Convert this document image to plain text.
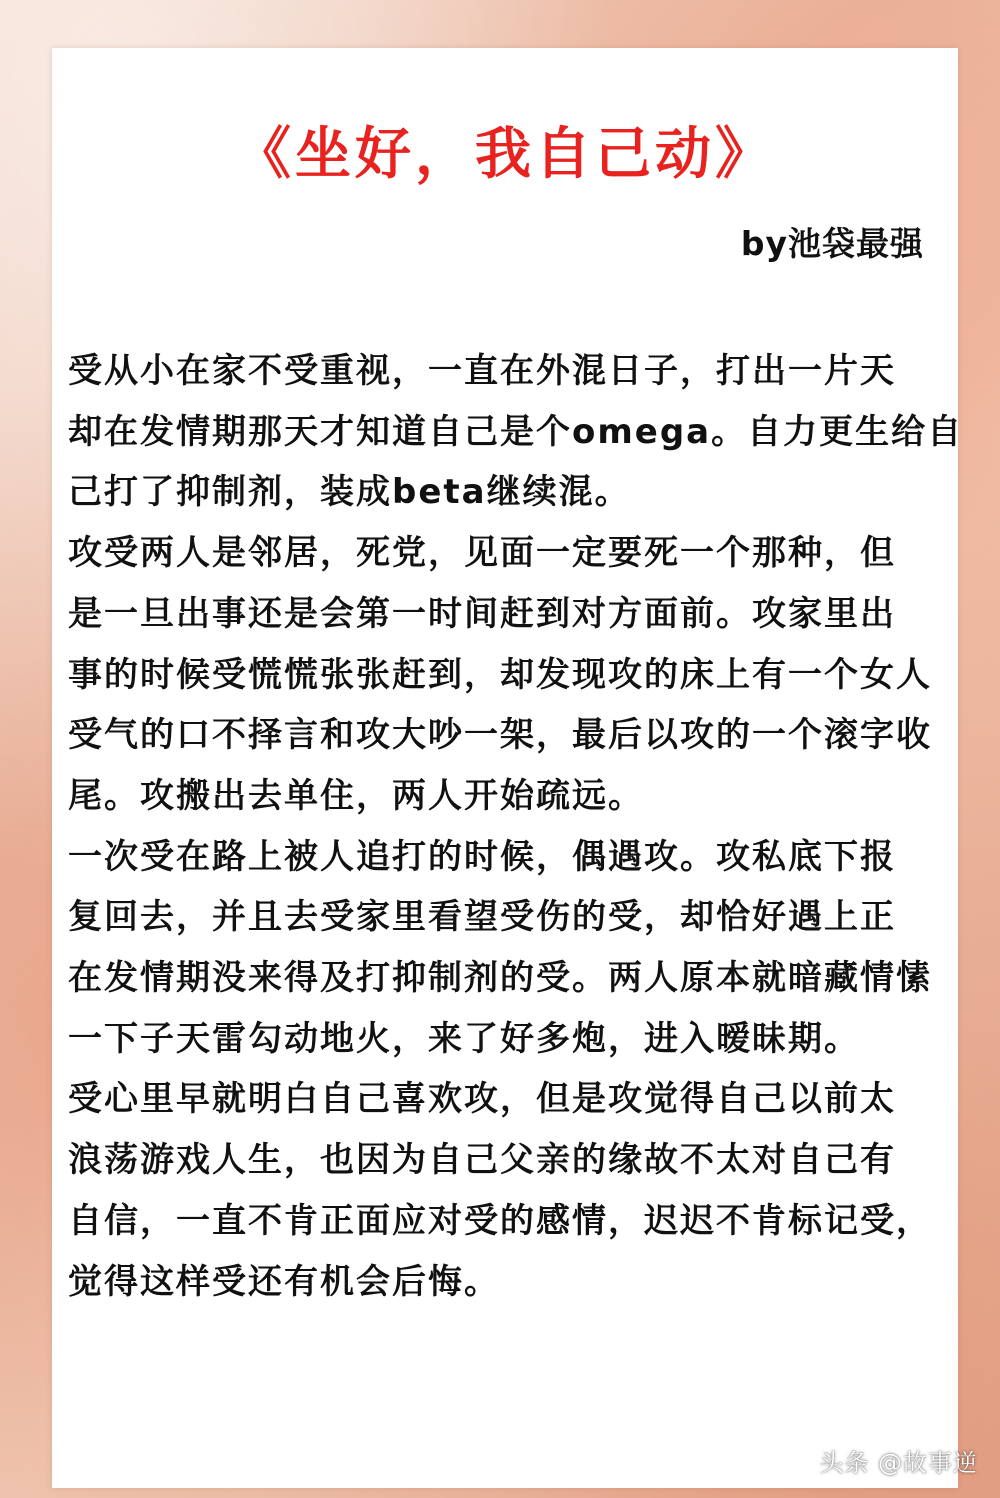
《坐好，我自己动》
by池袋最强
受从小在家不受重视，一直在外混日子，打出一片天
却在发情期那天才知道自己是个omega。自力更生给自
己打了抑制剂，装成beta继续混。
攻受两人是邻居，死党，见面一定要死一个那种，但
是一旦出事还是会第一时间赶到对方面前。攻家里出
事的时候受慌慌张张赶到，却发现攻的床上有一个女人
受气的口不择言和攻大吵一架，最后以攻的一个滚字收
尾。攻搬出去单住，两人开始疏远。
一次受在路上被人追打的时候，偶遇攻。攻私底下报
复回去，并且去受家里看望受伤的受，却恰好遇上正
在发情期没来得及打抑制剂的受。两人原本就暗藏情愫
一下子天雷勾动地火，来了好多炮，进入暧昧期。
受心里早就明白自己喜欢攻，但是攻觉得自己以前太
浪荡游戏人生，也因为自己父亲的缘故不太对自己有
自信，一直不肯正面应对受的感情，迟迟不肯标记受，
觉得这样受还有机会后悔。
头条 @故事逆
